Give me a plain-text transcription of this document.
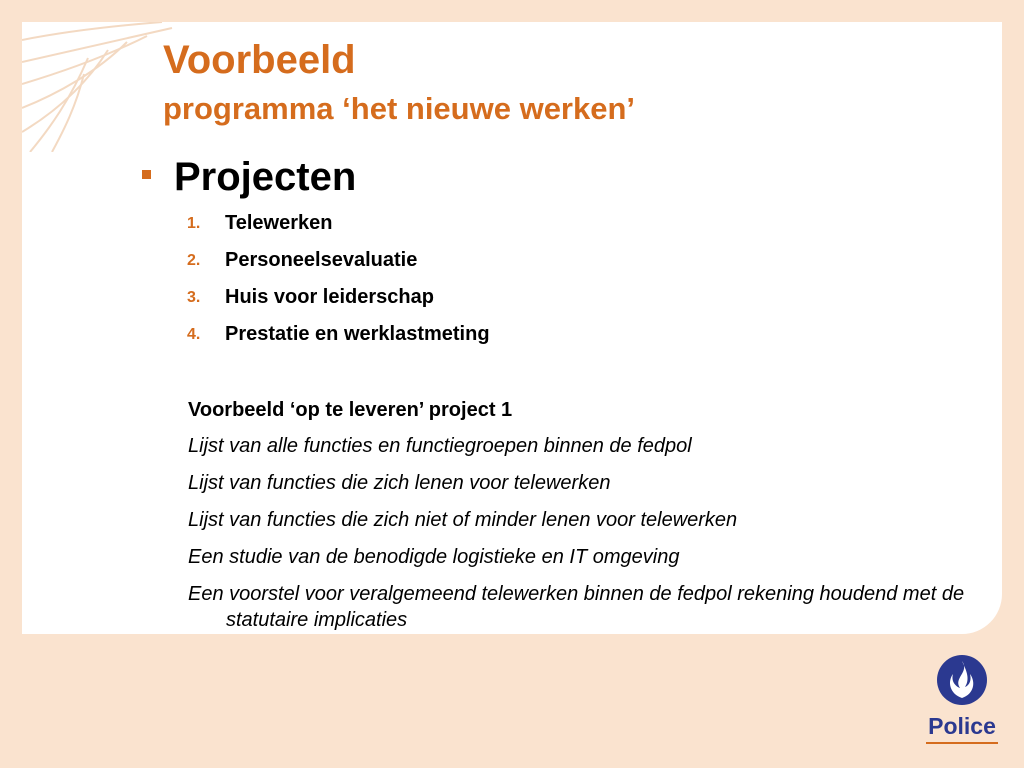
Voorbeeld
programma ‘het nieuwe werken’
Projecten
1. Telewerken
2. Personeelsevaluatie
3. Huis voor leiderschap
4. Prestatie en werklastmeting
Voorbeeld ‘op te leveren’ project 1
Lijst van alle functies en functiegroepen binnen de fedpol
Lijst van functies die zich lenen voor telewerken
Lijst van functies die zich niet of minder lenen voor telewerken
Een studie van de benodigde logistieke en IT omgeving
Een voorstel voor veralgemeend telewerken binnen de fedpol rekening houdend met de statutaire implicaties
Police
